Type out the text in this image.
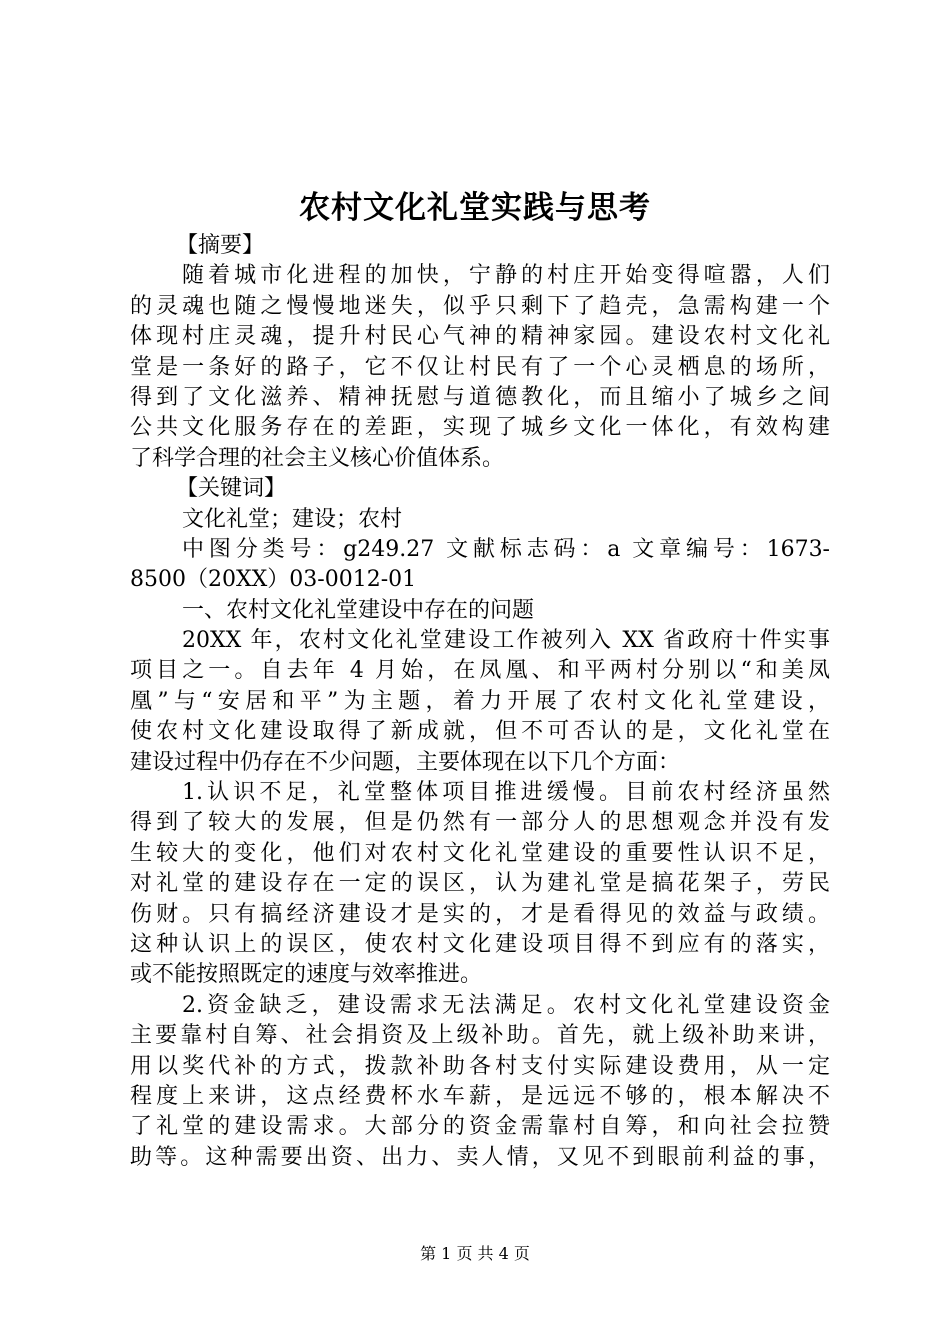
农村文化礼堂实践与思考
【摘要】
随着城市化进程的加快，宁静的村庄开始变得喧嚣，人们
的灵魂也随之慢慢地迷失，似乎只剩下了趋壳，急需构建一个
体现村庄灵魂，提升村民心气神的精神家园。建设农村文化礼
堂是一条好的路子，它不仅让村民有了一个心灵栖息的场所，
得到了文化滋养、精神抚慰与道德教化，而且缩小了城乡之间
公共文化服务存在的差距，实现了城乡文化一体化，有效构建
了科学合理的社会主义核心价值体系。
【关键词】
文化礼堂；建设；农村
中图分类号：g249.27 文献标志码：a 文章编号：1673-
8500（20XX）03-0012-01
一、农村文化礼堂建设中存在的问题
20XX 年，农村文化礼堂建设工作被列入 XX 省政府十件实事
项目之一。自去年 4 月始，在凤凰、和平两村分别以“和美凤
凰”与“安居和平”为主题，着力开展了农村文化礼堂建设，
使农村文化建设取得了新成就，但不可否认的是，文化礼堂在
建设过程中仍存在不少问题，主要体现在以下几个方面：
1.认识不足，礼堂整体项目推进缓慢。目前农村经济虽然
得到了较大的发展，但是仍然有一部分人的思想观念并没有发
生较大的变化，他们对农村文化礼堂建设的重要性认识不足，
对礼堂的建设存在一定的误区，认为建礼堂是搞花架子，劳民
伤财。只有搞经济建设才是实的，才是看得见的效益与政绩。
这种认识上的误区，使农村文化建设项目得不到应有的落实，
或不能按照既定的速度与效率推进。
2.资金缺乏，建设需求无法满足。农村文化礼堂建设资金
主要靠村自筹、社会捐资及上级补助。首先，就上级补助来讲，
用以奖代补的方式，拨款补助各村支付实际建设费用，从一定
程度上来讲，这点经费杯水车薪，是远远不够的，根本解决不
了礼堂的建设需求。大部分的资金需靠村自筹，和向社会拉赞
助等。这种需要出资、出力、卖人情，又见不到眼前利益的事，
第 1 页 共 4 页
